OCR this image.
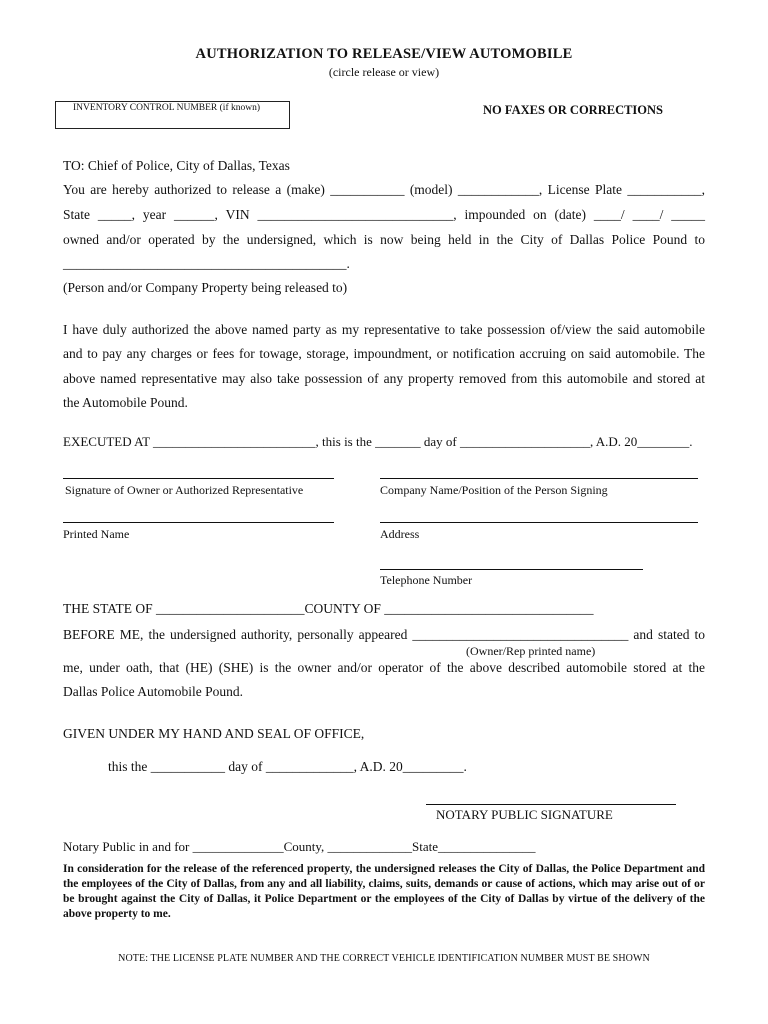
AUTHORIZATION TO RELEASE/VIEW AUTOMOBILE
(circle release or view)
INVENTORY CONTROL NUMBER (if known)	NO FAXES OR CORRECTIONS
TO: Chief of Police, City of Dallas, Texas
You are hereby authorized to release a (make) ___________ (model) ____________, License Plate ___________,
State _____, year ______, VIN _____________________________, impounded on (date) ____/ ____/ _____
owned and/or operated by the undersigned, which is now being held in the City of Dallas Police Pound to
__________________________________________.
(Person and/or Company Property being released to)
I have duly authorized the above named party as my representative to take possession of/view the said automobile
and to pay any charges or fees for towage, storage, impoundment, or notification accruing on said automobile. The
above named representative may also take possession of any property removed from this automobile and stored at
the Automobile Pound.
EXECUTED AT _________________________, this is the _______ day of ____________________, A.D. 20________.
Signature of Owner or Authorized Representative	Company Name/Position of the Person Signing
Printed Name	Address
Telephone Number
THE STATE OF ______________________COUNTY OF _______________________________
BEFORE ME, the undersigned authority, personally appeared ________________________________ and stated to
(Owner/Rep printed name)
me, under oath, that (HE) (SHE) is the owner and/or operator of the above described automobile stored at the
Dallas Police Automobile Pound.
GIVEN UNDER MY HAND AND SEAL OF OFFICE,
this the ___________ day of _____________, A.D. 20_________.
NOTARY PUBLIC SIGNATURE
Notary Public in and for ______________County, _____________State_______________
In consideration for the release of the referenced property, the undersigned releases the City of Dallas, the Police Department and the employees of the City of Dallas, from any and all liability, claims, suits, demands or cause of actions, which may arise out of or be brought against the City of Dallas, it Police Department or the employees of the City of Dallas by virtue of the delivery of the above property to me.
NOTE: THE LICENSE PLATE NUMBER AND THE CORRECT VEHICLE IDENTIFICATION NUMBER MUST BE SHOWN
